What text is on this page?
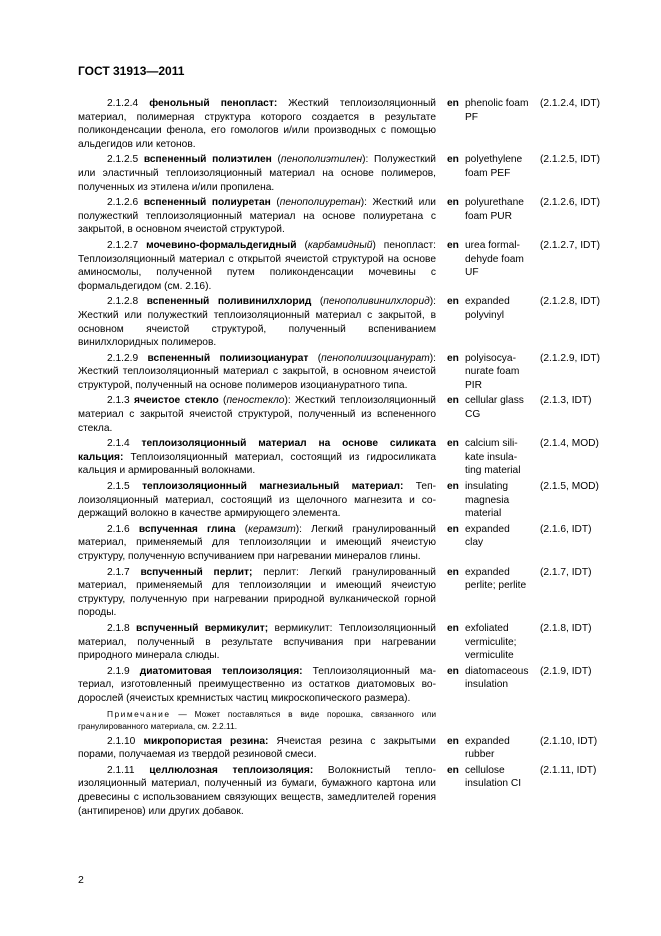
ГОСТ 31913—2011
2.1.2.4 фенольный пенопласт: Жесткий теплоизоляционный материал, полимерная структура которого создается в результате поликонденсации фенола, его гомологов и/или производных с помощью альдегидов или кетонов.
en phenolic foam PF
(2.1.2.4, IDT)
2.1.2.5 вспененный полиэтилен (пенополиэтилен): Полужесткий или эластичный теплоизоляционный материал на основе полимеров, полученных из этилена и/или пропилена.
en polyethylene foam PEF
(2.1.2.5, IDT)
2.1.2.6 вспененный полиуретан (пенополиуретан): Жесткий или полужесткий теплоизоляционный материал на основе полиуретана с закрытой, в основном ячеистой структурой.
en polyurethane foam PUR
(2.1.2.6, IDT)
2.1.2.7 мочевино-формальдегидный (карбамидный) пенопласт: Теплоизоляционный материал с открытой ячеистой структурой на основе аминосмолы, полученной путем поликонденсации мочевины с формальдегидом (см. 2.16).
en urea formaldehyde foam UF
(2.1.2.7, IDT)
2.1.2.8 вспененный поливинилхлорид (пенополивинилхлорид): Жесткий или полужесткий теплоизоляционный материал с закрытой, в основном ячеистой структурой, полученный вспениванием винилхлоридных полимеров.
en expanded polyvinyl
(2.1.2.8, IDT)
2.1.2.9 вспененный полиизоцианурат (пенополиизоцианурат): Жесткий теплоизоляционный материал с закрытой, в основном ячеистой структурой, полученный на основе полимеров изоциануратного типа.
en polyisocyanurate foam PIR
(2.1.2.9, IDT)
2.1.3 ячеистое стекло (пеностекло): Жесткий теплоизоляционный материал с закрытой ячеистой структурой, полученный из вспененного стекла.
en cellular glass CG
(2.1.3, IDT)
2.1.4 теплоизоляционный материал на основе силиката кальция: Теплоизоляционный материал, состоящий из гидросиликата кальция и армированный волокнами.
en calcium silikate insulating material
(2.1.4, MOD)
2.1.5 теплоизоляционный магнезиальный материал: Теплоизоляционный материал, состоящий из щелочного магнезита и содержащий волокно в качестве армирующего элемента.
en insulating magnesia material
(2.1.5, MOD)
2.1.6 вспученная глина (керамзит): Легкий гранулированный материал, применяемый для теплоизоляции и имеющий ячеистую структуру, полученную вспучиванием при нагревании минералов глины.
en expanded clay
(2.1.6, IDT)
2.1.7 вспученный перлит; перлит: Легкий гранулированный материал, применяемый для теплоизоляции и имеющий ячеистую структуру, полученную при нагревании природной вулканической горной породы.
en expanded perlite; perlite
(2.1.7, IDT)
2.1.8 вспученный вермикулит; вермикулит: Теплоизоляционный материал, полученный в результате вспучивания при нагревании природного минерала слюды.
en exfoliated vermiculite; vermiculite
(2.1.8, IDT)
2.1.9 диатомитовая теплоизоляция: Теплоизоляционный материал, изготовленный преимущественно из остатков диатомовых водорослей (ячеистых кремнистых частиц микроскопического размера).
en diatomaceous insulation
(2.1.9, IDT)
Примечание — Может поставляться в виде порошка, связанного или гранулированного материала, см. 2.2.11.
2.1.10 микропористая резина: Ячеистая резина с закрытыми порами, получаемая из твердой резиновой смеси.
en expanded rubber
(2.1.10, IDT)
2.1.11 целлюлозная теплоизоляция: Волокнистый теплоизоляционный материал, полученный из бумаги, бумажного картона или древесины с использованием связующих веществ, замедлителей горения (антипиренов) или других добавок.
en cellulose insulation CI
(2.1.11, IDT)
2
